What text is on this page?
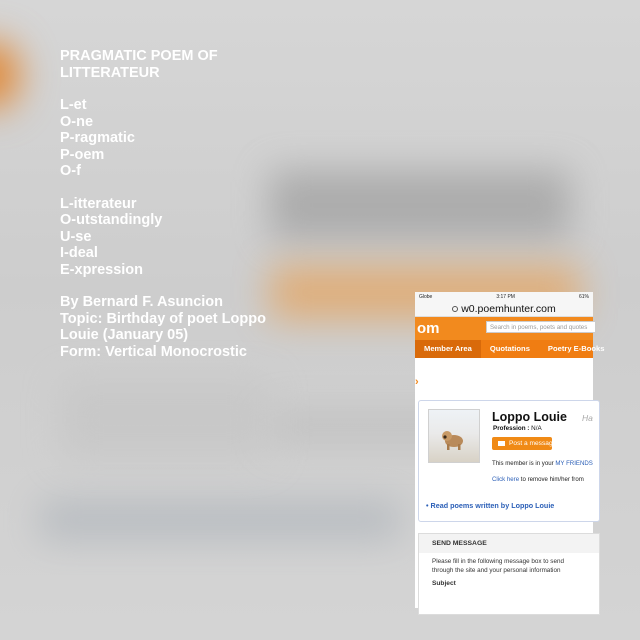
PRAGMATIC POEM OF
LITTERATEUR
L-et
O-ne
P-ragmatic
P-oem
O-f
L-itterateur
O-utstandingly
U-se
I-deal
E-xpression
By Bernard F. Asuncion
Topic: Birthday of poet Loppo
Louie (January 05)
Form: Vertical Monocrostic
Globe	3:17 PM	61%
w0.poemhunter.com
om	Search in poems, poets and quotes
Member Area	Quotations	Poetry E-Books
›
Loppo Louie Ha
Profession : N/A
Post a message
This member is in your MY FRIENDS
Click here to remove him/her from
• Read poems written by Loppo Louie
SEND MESSAGE
Please fill in the following message box to send
through the site and your personal information
Subject
